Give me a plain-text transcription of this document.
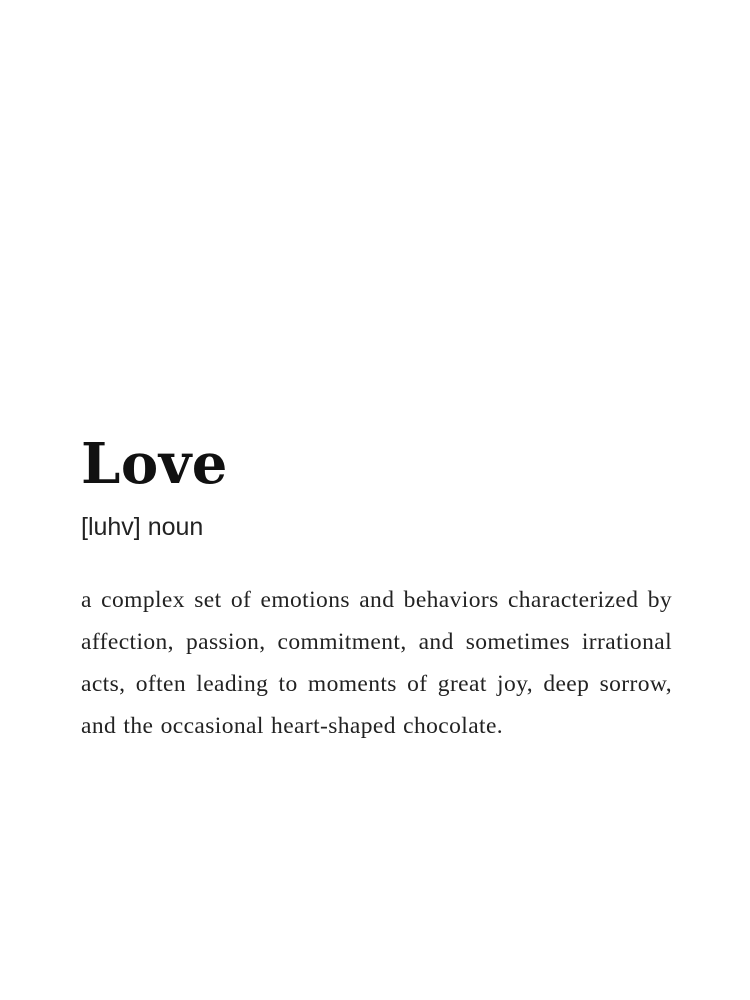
Love
[luhv] noun

a complex set of emotions and behaviors characterized by affection, passion, commitment, and sometimes irrational acts, often leading to moments of great joy, deep sorrow, and the occasional heart-shaped chocolate.
